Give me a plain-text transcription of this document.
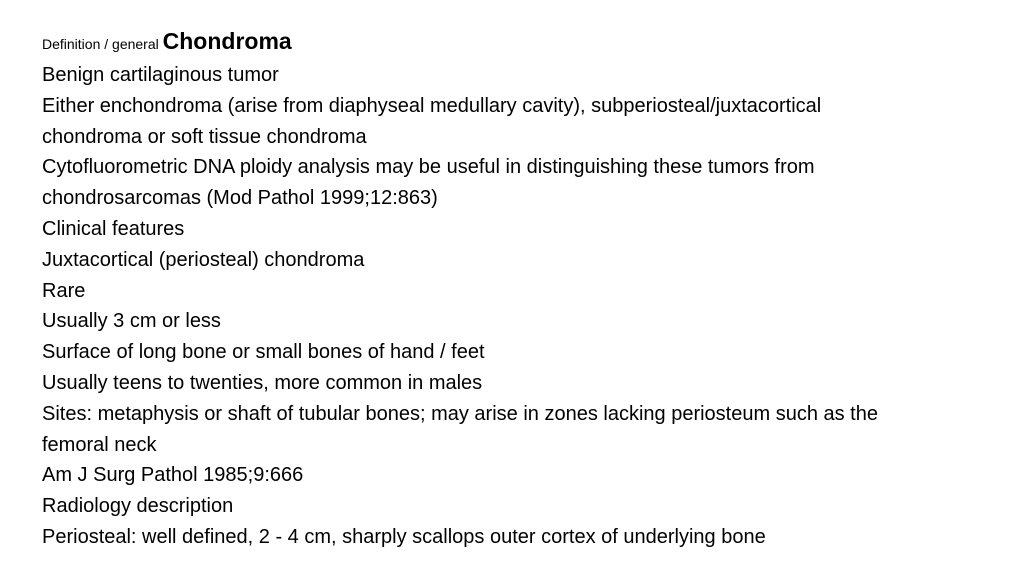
Definition / general Chondroma
Benign cartilaginous tumor
Either enchondroma (arise from diaphyseal medullary cavity), subperiosteal/juxtacortical
chondroma or soft tissue chondroma
Cytofluorometric DNA ploidy analysis may be useful in distinguishing these tumors from
chondrosarcomas (Mod Pathol 1999;12:863)
Clinical features
Juxtacortical (periosteal) chondroma
Rare
Usually 3 cm or less
Surface of long bone or small bones of hand / feet
Usually teens to twenties, more common in males
Sites: metaphysis or shaft of tubular bones; may arise in zones lacking periosteum such as the
femoral neck
Am J Surg Pathol 1985;9:666
Radiology description
Periosteal: well defined, 2 - 4 cm, sharply scallops outer cortex of underlying bone
